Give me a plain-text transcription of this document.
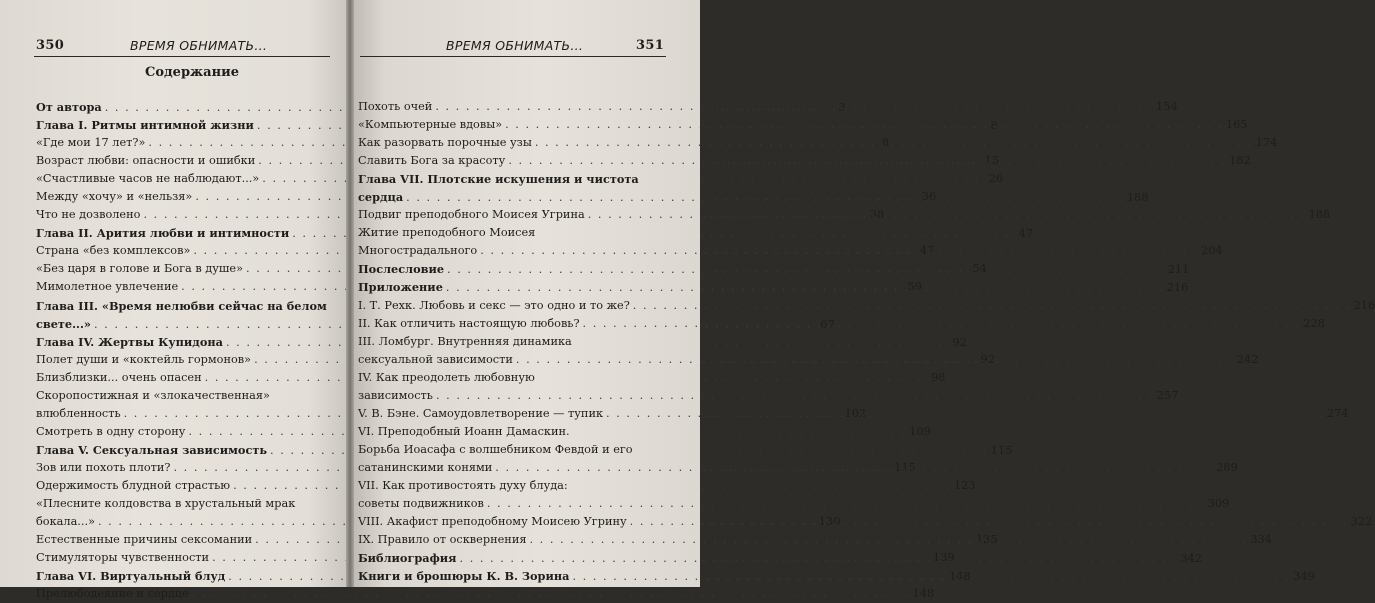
350	ВРЕМЯ ОБНИМАТЬ...
Содержание
От автора . . .	3
Глава I. Ритмы интимной жизни . . .	8
«Где мои 17 лет?» . . .	8
Возраст любви: опасности и ошибки . . .	15
«Счастливые часов не наблюдают...» . . .	26
Между «хочу» и «нельзя» . . .	36
Что не дозволено . . .	38
Глава II. Арития любви и интимности . . .	47
Страна «без комплексов» . . .	47
«Без царя в голове и Бога в душе» . . .	54
Мимолетное увлечение . . .	59
Глава III. «Время нелюбви сейчас на белом
свете...» . . .	67
Глава IV. Жертвы Купидона . . .	92
Полет души и «коктейль гормонов» . . .	92
Близблизки... очень опасен . . .	98
Скоропостижная и «злокачественная»
влюбленность . . .	102
Смотреть в одну сторону . . .	109
Глава V. Сексуальная зависимость . . .	115
Зов или похоть плоти? . . .	115
Одержимость блудной страстью . . .	123
«Плесните колдовства в хрустальный мрак
бокала...» . . .	130
Естественные причины сексомании . . .	135
Стимуляторы чувственности . . .	139
Глава VI. Виртуальный блуд . . .	148
Прелюбодеяние и сердце . . .	148
ВРЕМЯ ОБНИМАТЬ...	351
Похоть очей . . .	154
«Компьютерные вдовы» . . .	165
Как разорвать порочные узы . . .	174
Славить Бога за красоту . . .	182
Глава VII. Плотские искушения и чистота
сердца . . .	188
Подвиг преподобного Моисея Угрина . . .	188
Житие преподобного Моисея
Многострадального . . .	204
Послесловие . . .	211
Приложение . . .	216
I. Т. Рехк. Любовь и секс — это одно и то же? . . .	216
II. Как отличить настоящую любовь? . . .	228
III. Ломбург. Внутренняя динамика
сексуальной зависимости . . .	242
IV. Как преодолеть любовную
зависимость . . .	257
V. В. Бэне. Самоудовлетворение — тупик . . .	274
VI. Преподобный Иоанн Дамаскин.
Борьба Иоасафа с волшебником Февдой и его
сатанинскими конями . . .	289
VII. Как противостоять духу блуда:
советы подвижников . . .	309
VIII. Акафист преподобному Моисею Угрину . . .	322
IX. Правило от осквернения . . .	334
Библиография . . .	342
Книги и брошюры К. В. Зорина . . .	349
